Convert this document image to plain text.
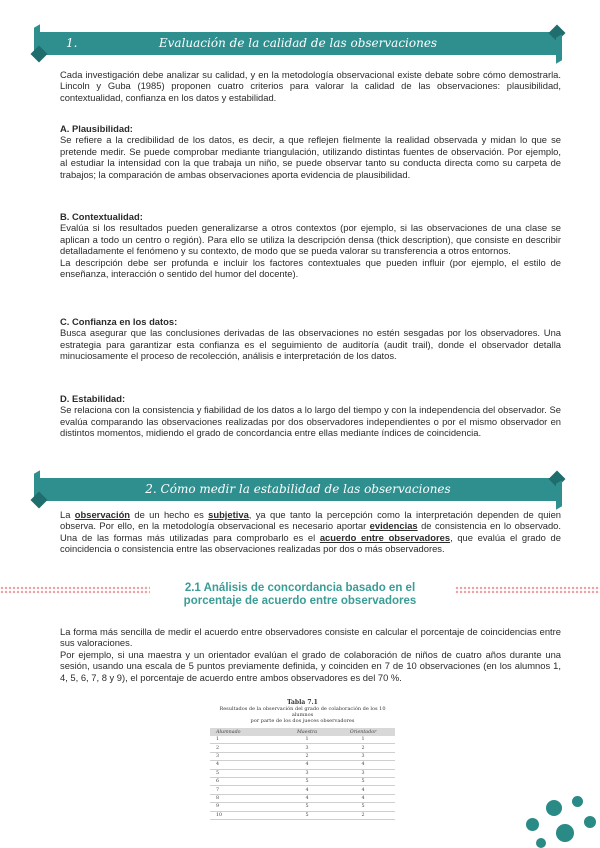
1.	Evaluación de la calidad de las observaciones

Cada investigación debe analizar su calidad, y en la metodología observacional existe debate sobre cómo demostrarla. Lincoln y Guba (1985) proponen cuatro criterios para valorar la calidad de las observaciones: plausibilidad, contextualidad, confianza en los datos y estabilidad.

A. Plausibilidad:

Se refiere a la credibilidad de los datos, es decir, a que reflejen fielmente la realidad observada y midan lo que se pretende medir. Se puede comprobar mediante triangulación, utilizando distintas fuentes de observación. Por ejemplo, al estudiar la intensidad con la que trabaja un niño, se puede observar tanto su conducta directa como su carpeta de trabajos; la comparación de ambas observaciones aporta evidencia de plausibilidad.

B. Contextualidad:

Evalúa si los resultados pueden generalizarse a otros contextos (por ejemplo, si las observaciones de una clase se aplican a todo un centro o región). Para ello se utiliza la descripción densa (thick description), que consiste en describir detalladamente el fenómeno y su contexto, de modo que se pueda valorar su transferencia a otros entornos.

La descripción debe ser profunda e incluir los factores contextuales que pueden influir (por ejemplo, el estilo de enseñanza, interacción o sentido del humor del docente).

C. Confianza en los datos:

Busca asegurar que las conclusiones derivadas de las observaciones no estén sesgadas por los observadores. Una estrategia para garantizar esta confianza es el seguimiento de auditoría (audit trail), donde el observador detalla minuciosamente el proceso de recolección, análisis e interpretación de los datos.

D. Estabilidad:

Se relaciona con la consistencia y fiabilidad de los datos a lo largo del tiempo y con la independencia del observador. Se evalúa comparando las observaciones realizadas por dos observadores independientes o por el mismo observador en distintos momentos, midiendo el grado de concordancia entre ellas mediante índices de coincidencia.

2. Cómo medir la estabilidad de las observaciones

La observación de un hecho es subjetiva, ya que tanto la percepción como la interpretación dependen de quien observa. Por ello, en la metodología observacional es necesario aportar evidencias de consistencia en lo observado. Una de las formas más utilizadas para comprobarlo es el acuerdo entre observadores, que evalúa el grado de coincidencia o consistencia entre las observaciones realizadas por dos o más observadores.

2.1 Análisis de concordancia basado en el
porcentaje de acuerdo entre observadores

La forma más sencilla de medir el acuerdo entre observadores consiste en calcular el porcentaje de coincidencias entre sus valoraciones.

Por ejemplo, si una maestra y un orientador evalúan el grado de colaboración de niños de cuatro años durante una sesión, usando una escala de 5 puntos previamente definida, y coinciden en 7 de 10 observaciones (en los alumnos 1, 4, 5, 6, 7, 8 y 9), el porcentaje de acuerdo entre ambos observadores es del 70 %.

Tabla 7.1
Resultados de la observación del grado de colaboración de los 10 alumnos
por parte de los dos jueces observadores
Alumnado	Maestra	Orientador
1	1	1
2	3	2
3	2	3
4	4	4
5	3	3
6	5	5
7	4	4
8	4	4
9	5	5
10	5	2
